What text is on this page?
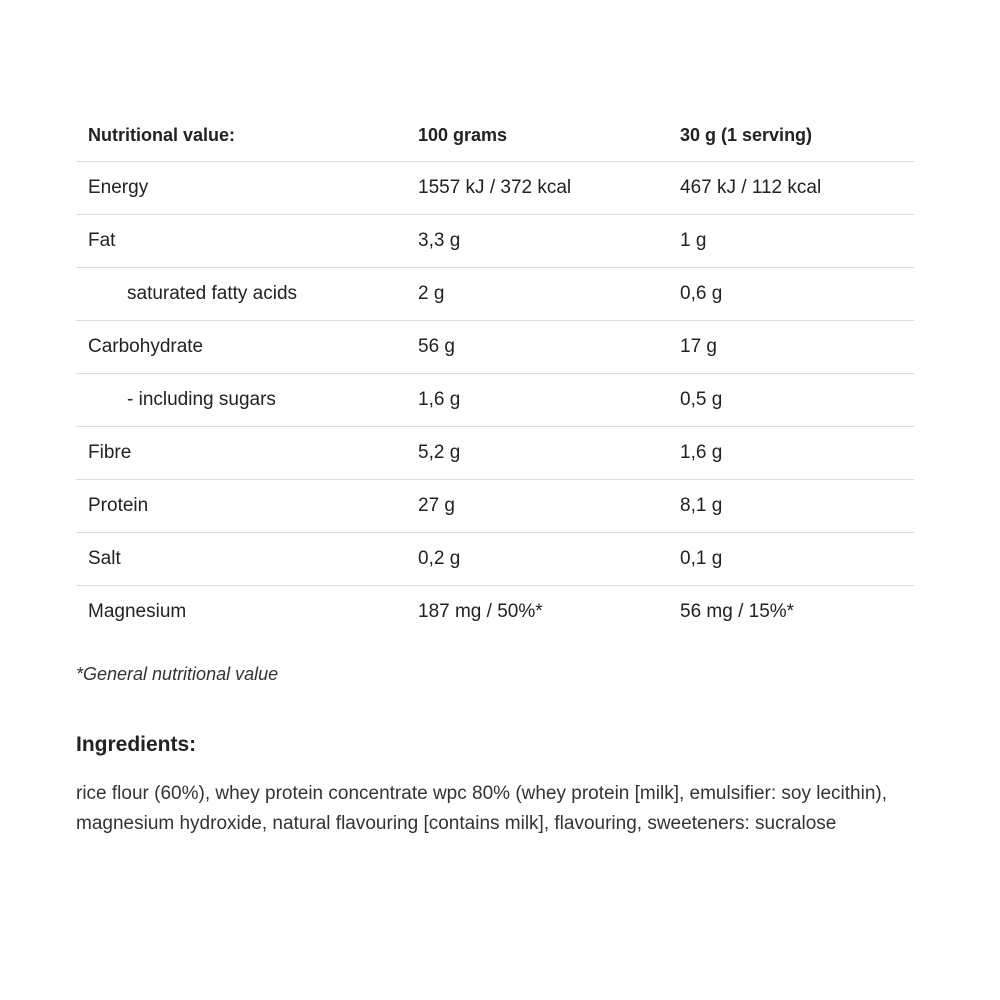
Nutritional value:	100 grams	30 g (1 serving)
Energy	1557 kJ / 372 kcal	467 kJ / 112 kcal
Fat	3,3 g	1 g
saturated fatty acids	2 g	0,6 g
Carbohydrate	56 g	17 g
- including sugars	1,6 g	0,5 g
Fibre	5,2 g	1,6 g
Protein	27 g	8,1 g
Salt	0,2 g	0,1 g
Magnesium	187 mg / 50%*	56 mg / 15%*
*General nutritional value
Ingredients:
rice flour (60%), whey protein concentrate wpc 80% (whey protein [milk], emulsifier: soy lecithin), magnesium hydroxide, natural flavouring [contains milk], flavouring, sweeteners: sucralose
